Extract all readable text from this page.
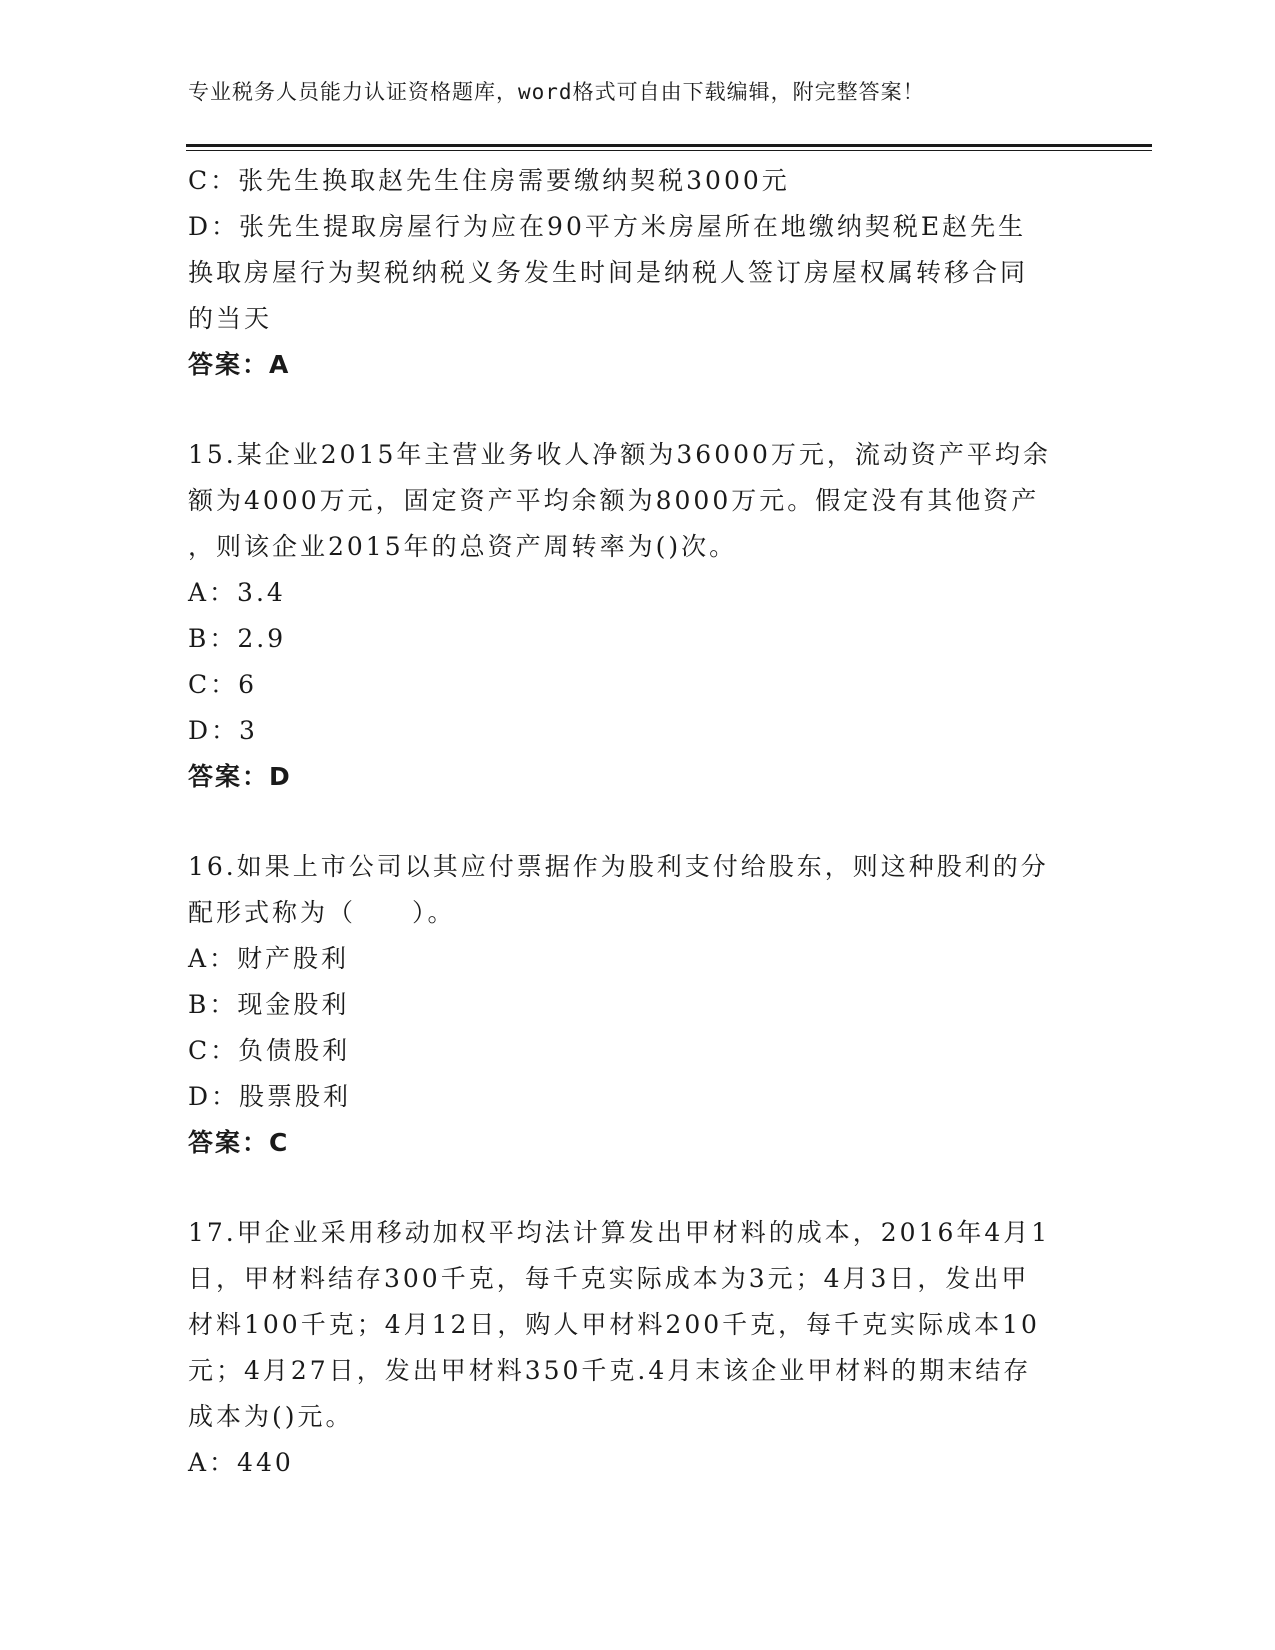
专业税务人员能力认证资格题库，word格式可自由下载编辑，附完整答案！
C：张先生换取赵先生住房需要缴纳契税3000元
D：张先生提取房屋行为应在90平方米房屋所在地缴纳契税E赵先生
换取房屋行为契税纳税义务发生时间是纳税人签订房屋权属转移合同
的当天
答案：A
15.某企业2015年主营业务收人净额为36000万元，流动资产平均余
额为4000万元，固定资产平均余额为8000万元。假定没有其他资产
，则该企业2015年的总资产周转率为()次。
A：3.4
B：2.9
C：6
D：3
答案：D
16.如果上市公司以其应付票据作为股利支付给股东，则这种股利的分
配形式称为（　　）。
A：财产股利
B：现金股利
C：负债股利
D：股票股利
答案：C
17.甲企业采用移动加权平均法计算发出甲材料的成本，2016年4月1
日，甲材料结存300千克，每千克实际成本为3元；4月3日，发出甲
材料100千克；4月12日，购人甲材料200千克，每千克实际成本10
元；4月27日，发出甲材料350千克.4月末该企业甲材料的期末结存
成本为()元。
A：440
